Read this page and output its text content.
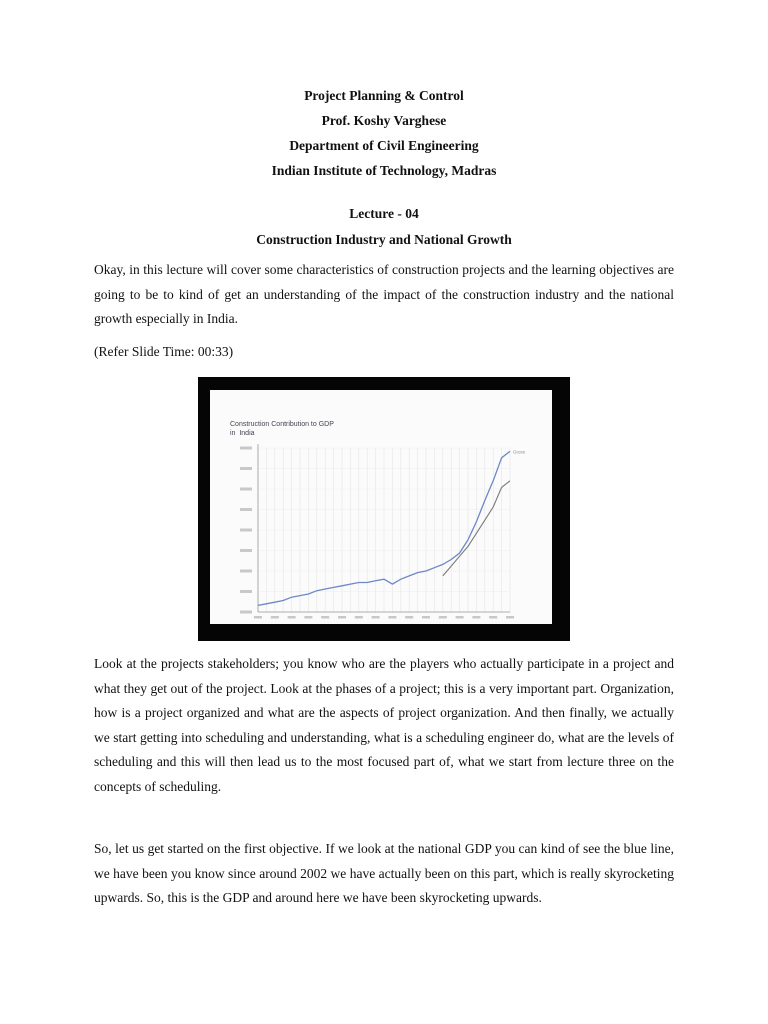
Project Planning & Control
Prof. Koshy Varghese
Department of Civil Engineering
Indian Institute of Technology, Madras
Lecture - 04
Construction Industry and National Growth

Okay, in this lecture will cover some characteristics of construction projects and the learning objectives are going to be to kind of get an understanding of the impact of the construction industry and the national growth especially in India.

(Refer Slide Time: 00:33)

Construction Contribution to GDP
in  India
Gross

Look at the projects stakeholders; you know who are the players who actually participate in a project and what they get out of the project. Look at the phases of a project; this is a very important part. Organization, how is a project organized and what are the aspects of project organization. And then finally, we actually we start getting into scheduling and understanding, what is a scheduling engineer do, what are the levels of scheduling and this will then lead us to the most focused part of, what we start from lecture three on the concepts of scheduling.

So, let us get started on the first objective. If we look at the national GDP you can kind of see the blue line, we have been you know since around 2002 we have actually been on this part, which is really skyrocketing upwards. So, this is the GDP and around here we have been skyrocketing upwards.
